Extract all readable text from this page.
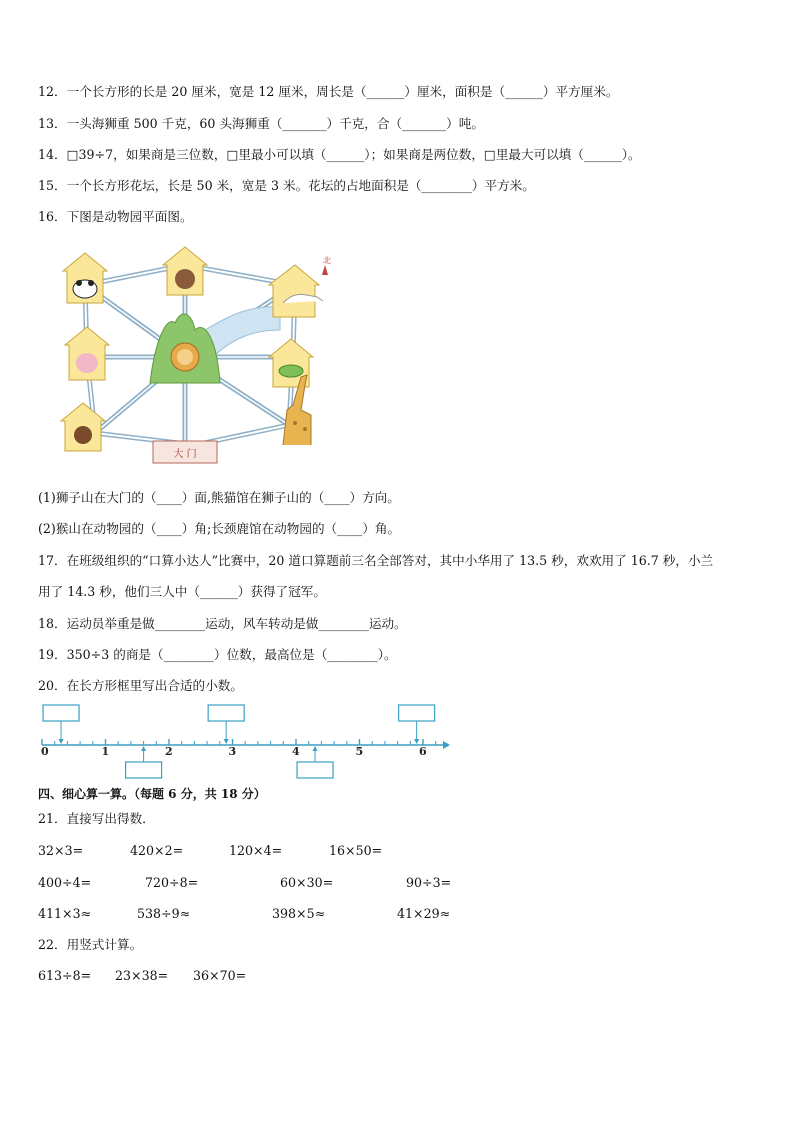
12．一个长方形的长是 20 厘米，宽是 12 厘米，周长是（______）厘米，面积是（______）平方厘米。
13．一头海狮重 500 千克，60 头海狮重（_______）千克，合（_______）吨。
14．□39÷7，如果商是三位数，□里最小可以填（______）；如果商是两位数，□里最大可以填（______）。
15．一个长方形花坛，长是 50 米，宽是 3 米。花坛的占地面积是（________）平方米。
16．下图是动物园平面图。
大 门
北
(1)狮子山在大门的（____）面,熊猫馆在狮子山的（____）方向。
(2)猴山在动物园的（____）角;长颈鹿馆在动物园的（____）角。
17．在班级组织的“口算小达人”比赛中，20 道口算题前三名全部答对，其中小华用了 13.5 秒，欢欢用了 16.7 秒，小兰
用了 14.3 秒，他们三人中（______）获得了冠军。
18．运动员举重是做________运动，风车转动是做________运动。
19．350÷3 的商是（________）位数，最高位是（________）。
20．在长方形框里写出合适的小数。
0	1	2	3	4	5	6
四、细心算一算。（每题 6 分，共 18 分）
21．直接写出得数．
32×3=	420×2=	120×4=	16×50=
400÷4=	720÷8=	60×30=	90÷3=
411×3≈	538÷9≈	398×5≈	41×29≈
22．用竖式计算。
613÷8= 23×38= 36×70=
